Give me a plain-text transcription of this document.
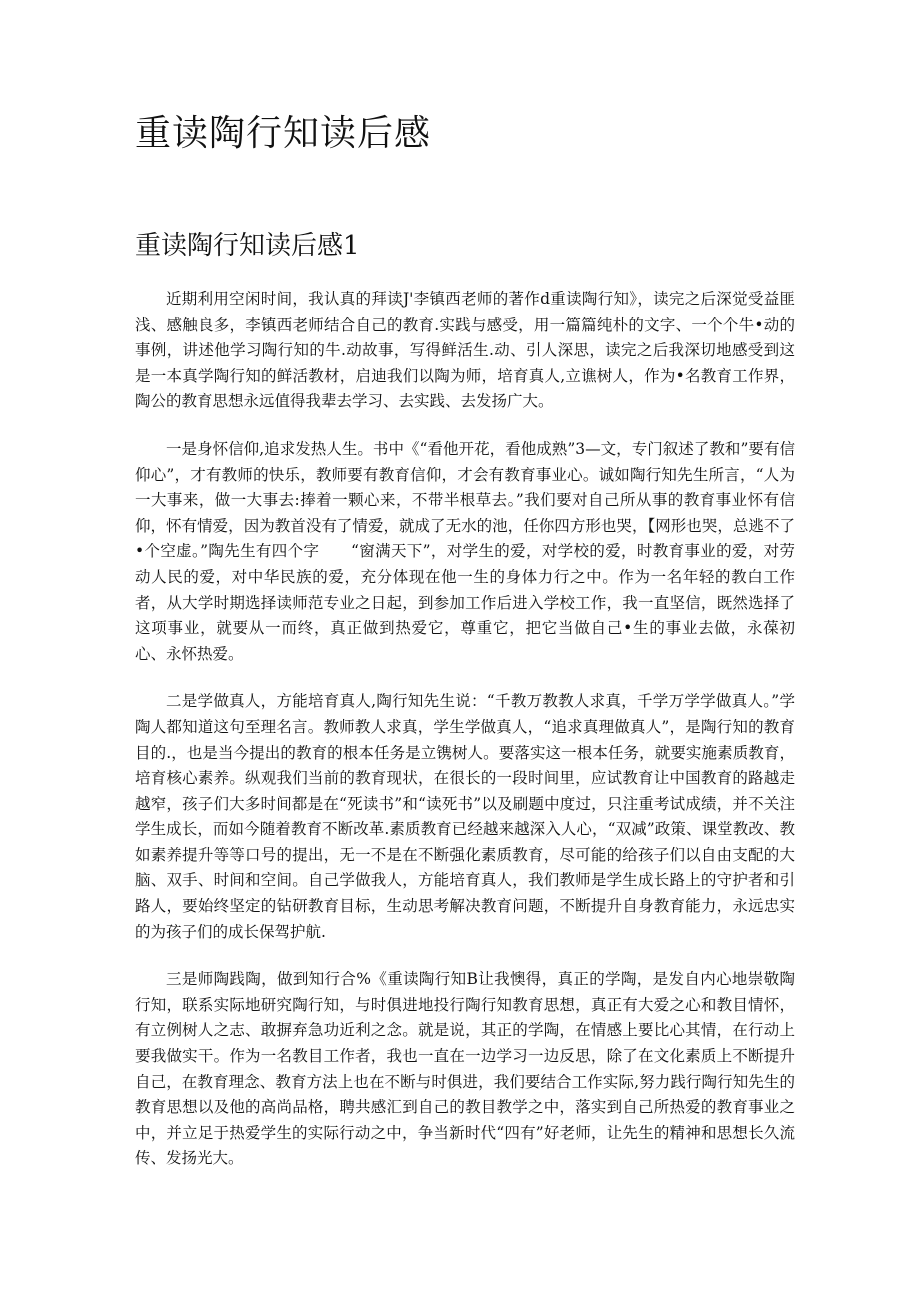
重读陶行知读后感
重读陶行知读后感1

近期利用空闲时间，我认真的拜读J'李镇西老师的著作d重读陶行知》，读完之后深觉受益匪浅、感触良多，李镇西老师结合自己的教育.实践与感受，用一篇篇纯朴的文字、一个个牛•动的事例，讲述他学习陶行知的牛.动故事，写得鲜活生.动、引人深思，读完之后我深切地感受到这是一本真学陶行知的鲜活教材，启迪我们以陶为师，培育真人,立谯树人，作为•名教育工作界，陶公的教育思想永远值得我辈去学习、去实践、去发扬广大。

一是身怀信仰,追求发热人生。书中《“看他开花，看他成熟”3—文，专门叙述了教和”要有信仰心”，才有教师的快乐，教师要有教育信仰，才会有教育事业心。诚如陶行知先生所言，“人为一大事来，做一大事去:捧着一颗心来，不带半根草去。”我们要对自己所从事的教育事业怀有信仰，怀有情爱，因为教首没有了情爱，就成了无水的池，任你四方形也哭，【网形也哭，总逃不了•个空虚。”陶先生有四个字　　“窗满天下”，对学生的爱，对学校的爱，时教育事业的爱，对劳动人民的爱，对中华民族的爱，充分体现在他一生的身体力行之中。作为一名年轻的教白工作者，从大学时期选择读师范专业之日起，到参加工作后进入学校工作，我一直坚信，既然选择了这项事业，就要从一而终，真正做到热爱它，尊重它，把它当做自己•生的事业去做，永葆初心、永怀热爱。

二是学做真人，方能培育真人,陶行知先生说：“千教万教教人求真，千学万学学做真人。”学陶人都知道这句至理名言。教师教人求真，学生学做真人，“追求真理做真人”，是陶行知的教育目的.，也是当今提出的教育的根本任务是立镌树人。要落实这一根本任务，就要实施素质教育，培育核心素养。纵观我们当前的教育现状，在很长的一段时间里，应试教育让中国教育的路越走越窄，孩子们大多时间都是在“死读书”和“读死书”以及刷题中度过，只注重考试成绩，并不关注学生成长，而如今随着教育不断改革.素质教育已经越来越深入人心，“双减”政策、课堂教改、教如素养提升等等口号的提出，无一不是在不断强化素质教育，尽可能的给孩子们以自由支配的大脑、双手、时间和空间。自己学做我人，方能培育真人，我们教师是学生成长路上的守护者和引路人，要始终坚定的钻研教育目标，生动思考解决教育问题，不断提升自身教育能力，永远忠实的为孩子们的成长保驾护航.

三是师陶践陶，做到知行合%《重读陶行知B让我懊得，真正的学陶，是发自内心地崇敬陶行知，联系实际地研究陶行知，与时俱进地投行陶行知教育思想，真正有大爱之心和教目情怀，有立例树人之志、敢摒弃急功近利之念。就是说，其正的学陶，在情感上要比心其情，在行动上要我做实干。作为一名教目工作者，我也一直在一边学习一边反思，除了在文化素质上不断提升自己，在教育理念、教育方法上也在不断与时俱进，我们要结合工作实际,努力践行陶行知先生的教育思想以及他的高尚品格，聘共感汇到自己的教目教学之中，落实到自己所热爱的教育事业之中，并立足于热爱学生的实际行动之中，争当新时代“四有”好老师，让先生的精神和思想长久流传、发扬光大。
